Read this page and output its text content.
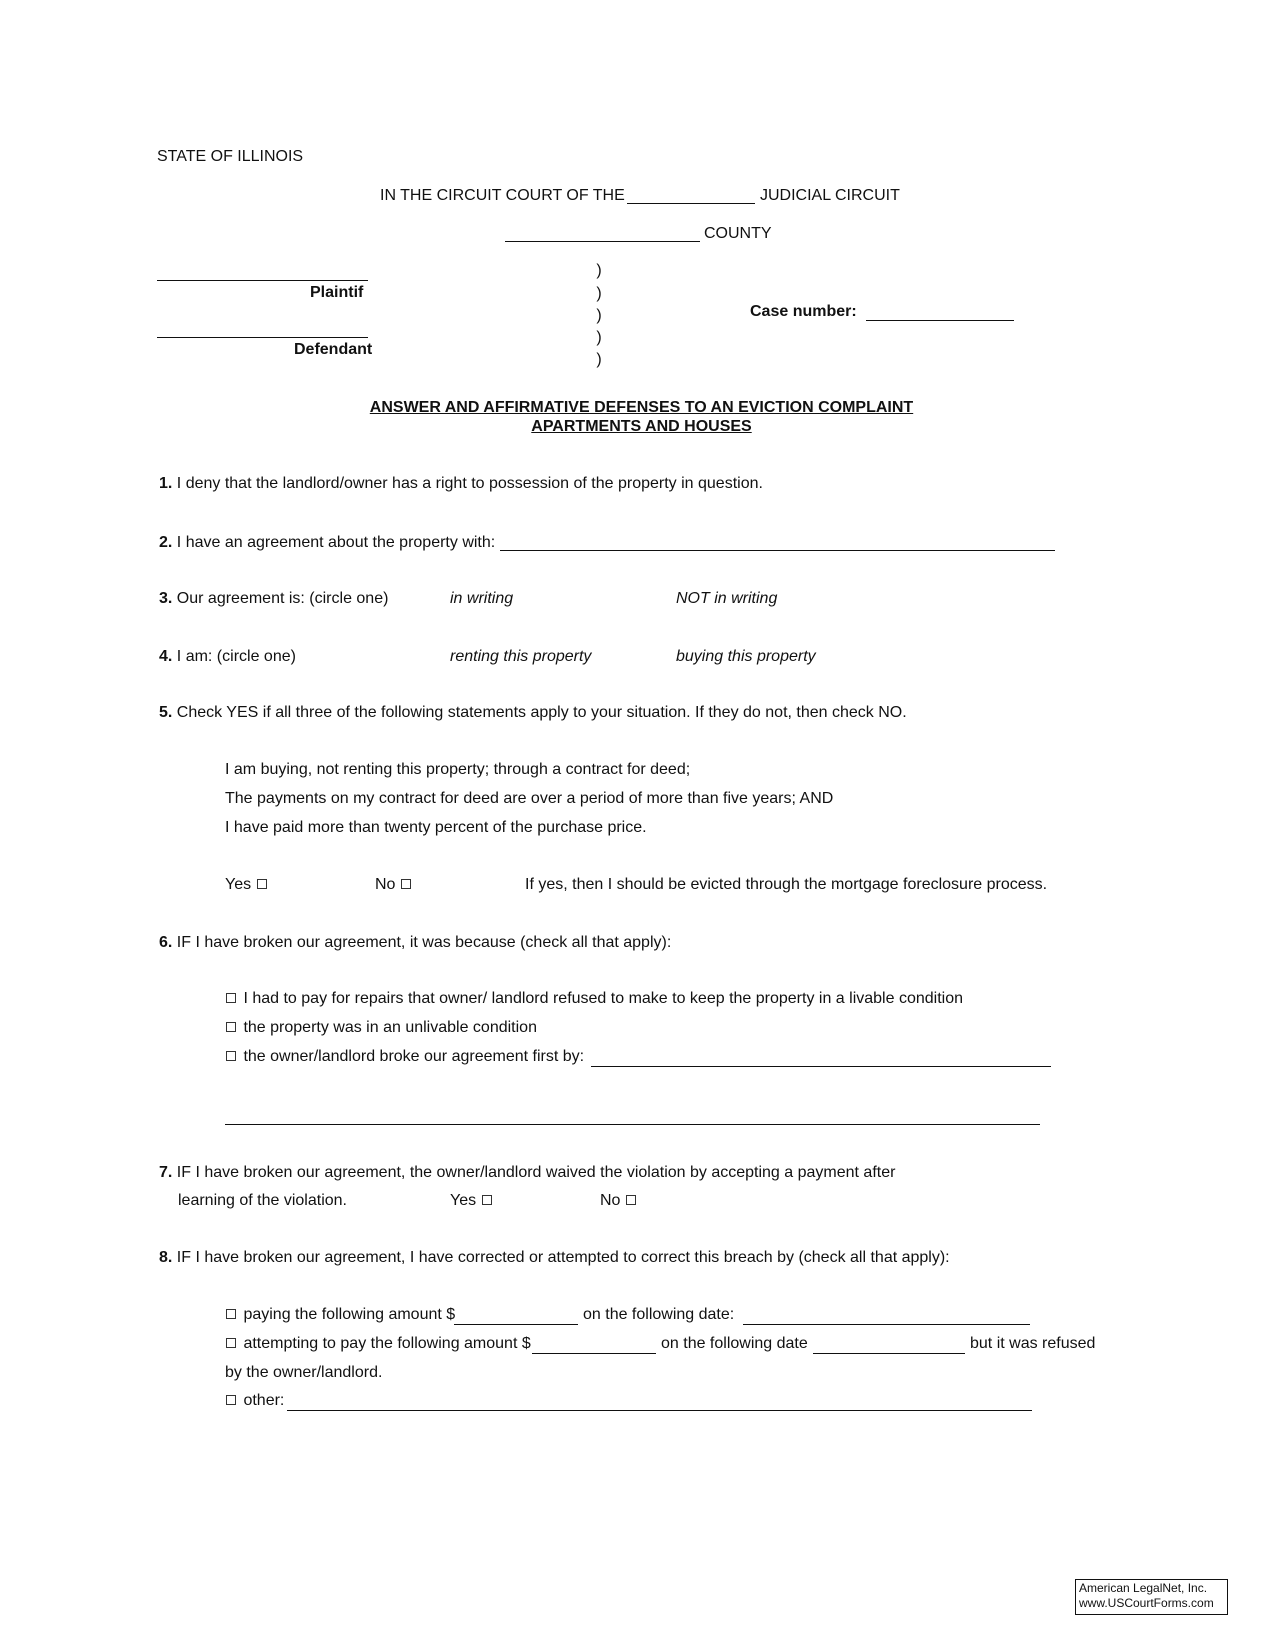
STATE OF ILLINOIS
IN THE CIRCUIT COURT OF THE	JUDICIAL CIRCUIT
COUNTY
Plaintif
Defendant
)
)
)
)
)
Case number:
ANSWER AND AFFIRMATIVE DEFENSES TO AN EVICTION COMPLAINT
APARTMENTS AND HOUSES
1. I deny that the landlord/owner has a right to possession of the property in question.
2. I have an agreement about the property with:
3. Our agreement is: (circle one)	in writing	NOT in writing
4. I am: (circle one)	renting this property	buying this property
5. Check YES if all three of the following statements apply to your situation. If they do not, then check NO.
I am buying, not renting this property; through a contract for deed;
The payments on my contract for deed are over a period of more than five years; AND
I have paid more than twenty percent of the purchase price.
Yes	No	If yes, then I should be evicted through the mortgage foreclosure process.
6. IF I have broken our agreement, it was because (check all that apply):
I had to pay for repairs that owner/ landlord refused to make to keep the property in a livable condition
the property was in an unlivable condition
the owner/landlord broke our agreement first by:
7. IF I have broken our agreement, the owner/landlord waived the violation by accepting a payment after
learning of the violation.	Yes	No
8. IF I have broken our agreement, I have corrected or attempted to correct this breach by (check all that apply):
paying the following amount $	on the following date:
attempting to pay the following amount $	on the following date	but it was refused
by the owner/landlord.
other:
American LegalNet, Inc.
www.USCourtForms.com
